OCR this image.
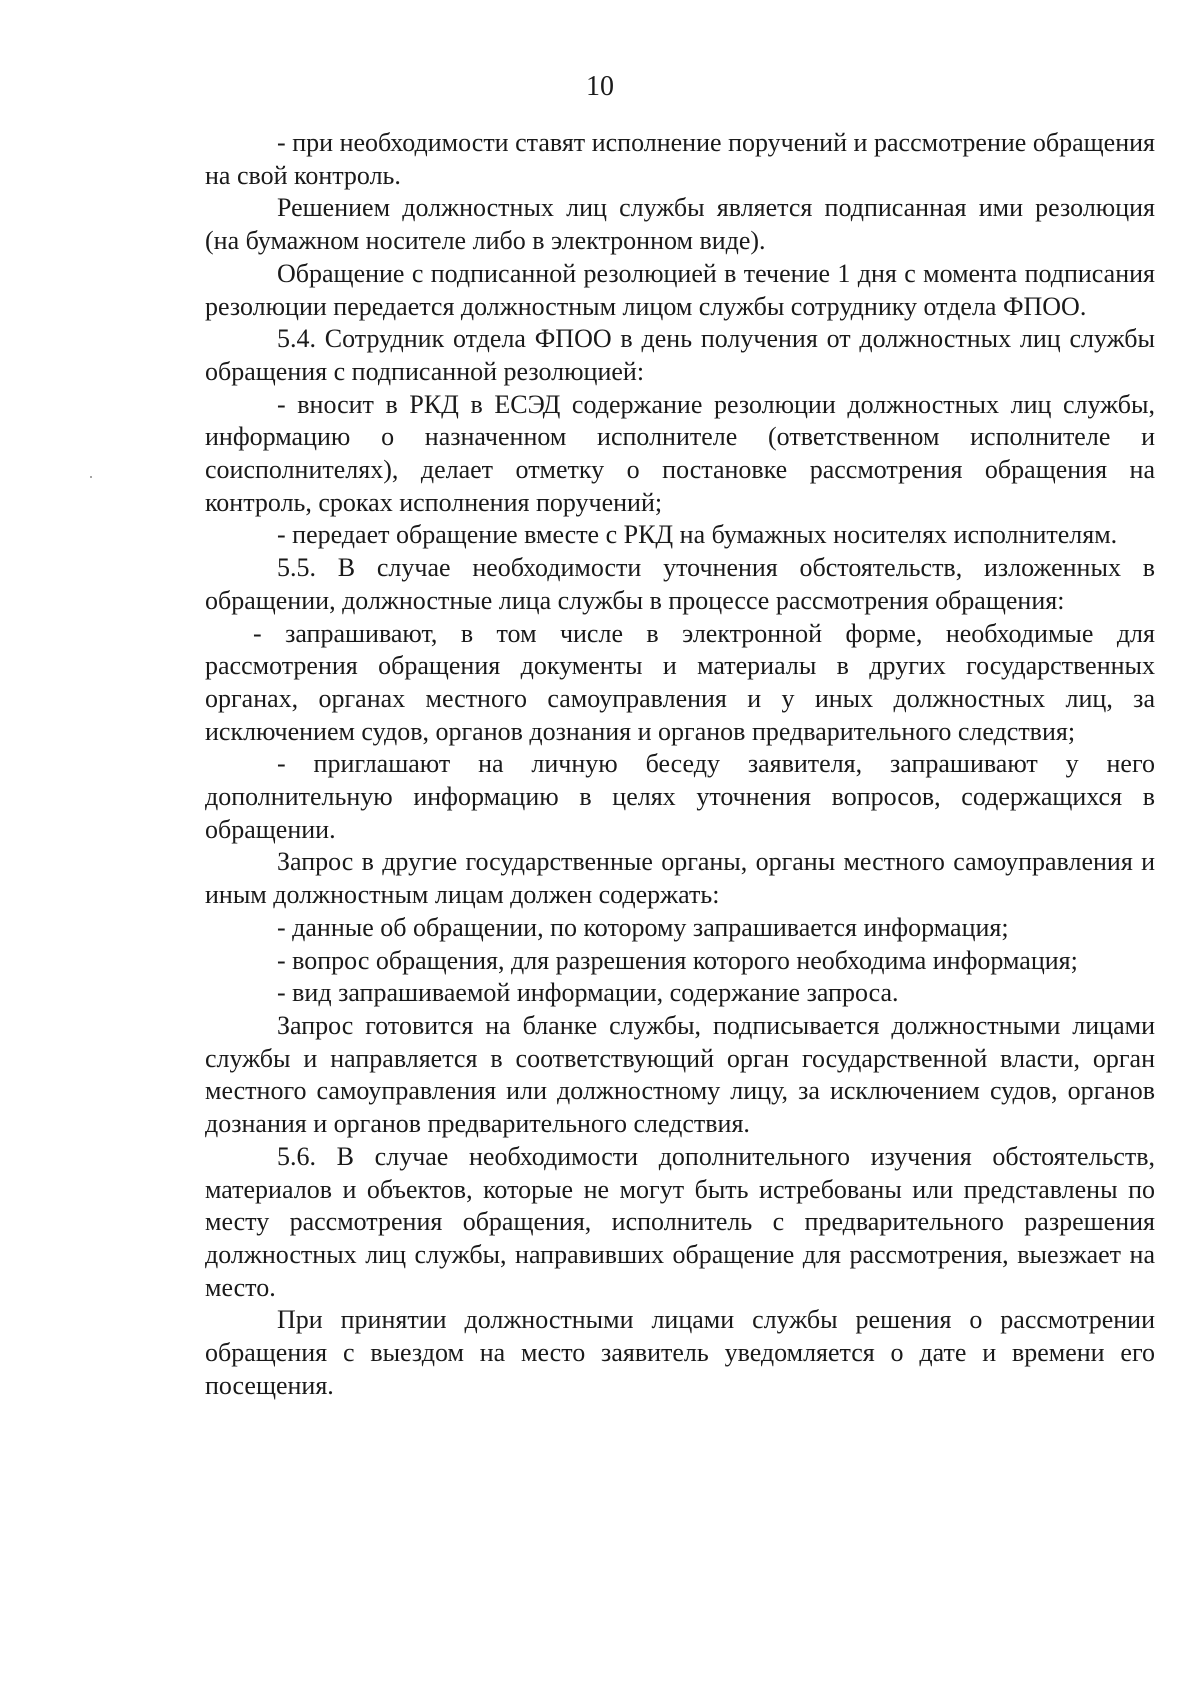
10

- при необходимости ставят исполнение поручений и рассмотрение обращения на свой контроль.

Решением должностных лиц службы является подписанная ими резолюция (на бумажном носителе либо в электронном виде).

Обращение с подписанной резолюцией в течение 1 дня с момента подписания резолюции передается должностным лицом службы сотруднику отдела ФПОО.

5.4. Сотрудник отдела ФПОО в день получения от должностных лиц службы обращения с подписанной резолюцией:

- вносит в РКД в ЕСЭД содержание резолюции должностных лиц службы, информацию о назначенном исполнителе (ответственном исполнителе и соисполнителях), делает отметку о постановке рассмотрения обращения на контроль, сроках исполнения поручений;

- передает обращение вместе с РКД на бумажных носителях исполнителям.

5.5. В случае необходимости уточнения обстоятельств, изложенных в обращении, должностные лица службы в процессе рассмотрения обращения:

- запрашивают, в том числе в электронной форме, необходимые для рассмотрения обращения документы и материалы в других государственных органах, органах местного самоуправления и у иных должностных лиц, за исключением судов, органов дознания и органов предварительного следствия;

- приглашают на личную беседу заявителя, запрашивают у него дополнительную информацию в целях уточнения вопросов, содержащихся в обращении.

Запрос в другие государственные органы, органы местного самоуправления и иным должностным лицам должен содержать:

- данные об обращении, по которому запрашивается информация;

- вопрос обращения, для разрешения которого необходима информация;

- вид запрашиваемой информации, содержание запроса.

Запрос готовится на бланке службы, подписывается должностными лицами службы и направляется в соответствующий орган государственной власти, орган местного самоуправления или должностному лицу, за исключением судов, органов дознания и органов предварительного следствия.

5.6. В случае необходимости дополнительного изучения обстоятельств, материалов и объектов, которые не могут быть истребованы или представлены по месту рассмотрения обращения, исполнитель с предварительного разрешения должностных лиц службы, направивших обращение для рассмотрения, выезжает на место.

При принятии должностными лицами службы решения о рассмотрении обращения с выездом на место заявитель уведомляется о дате и времени его посещения.
